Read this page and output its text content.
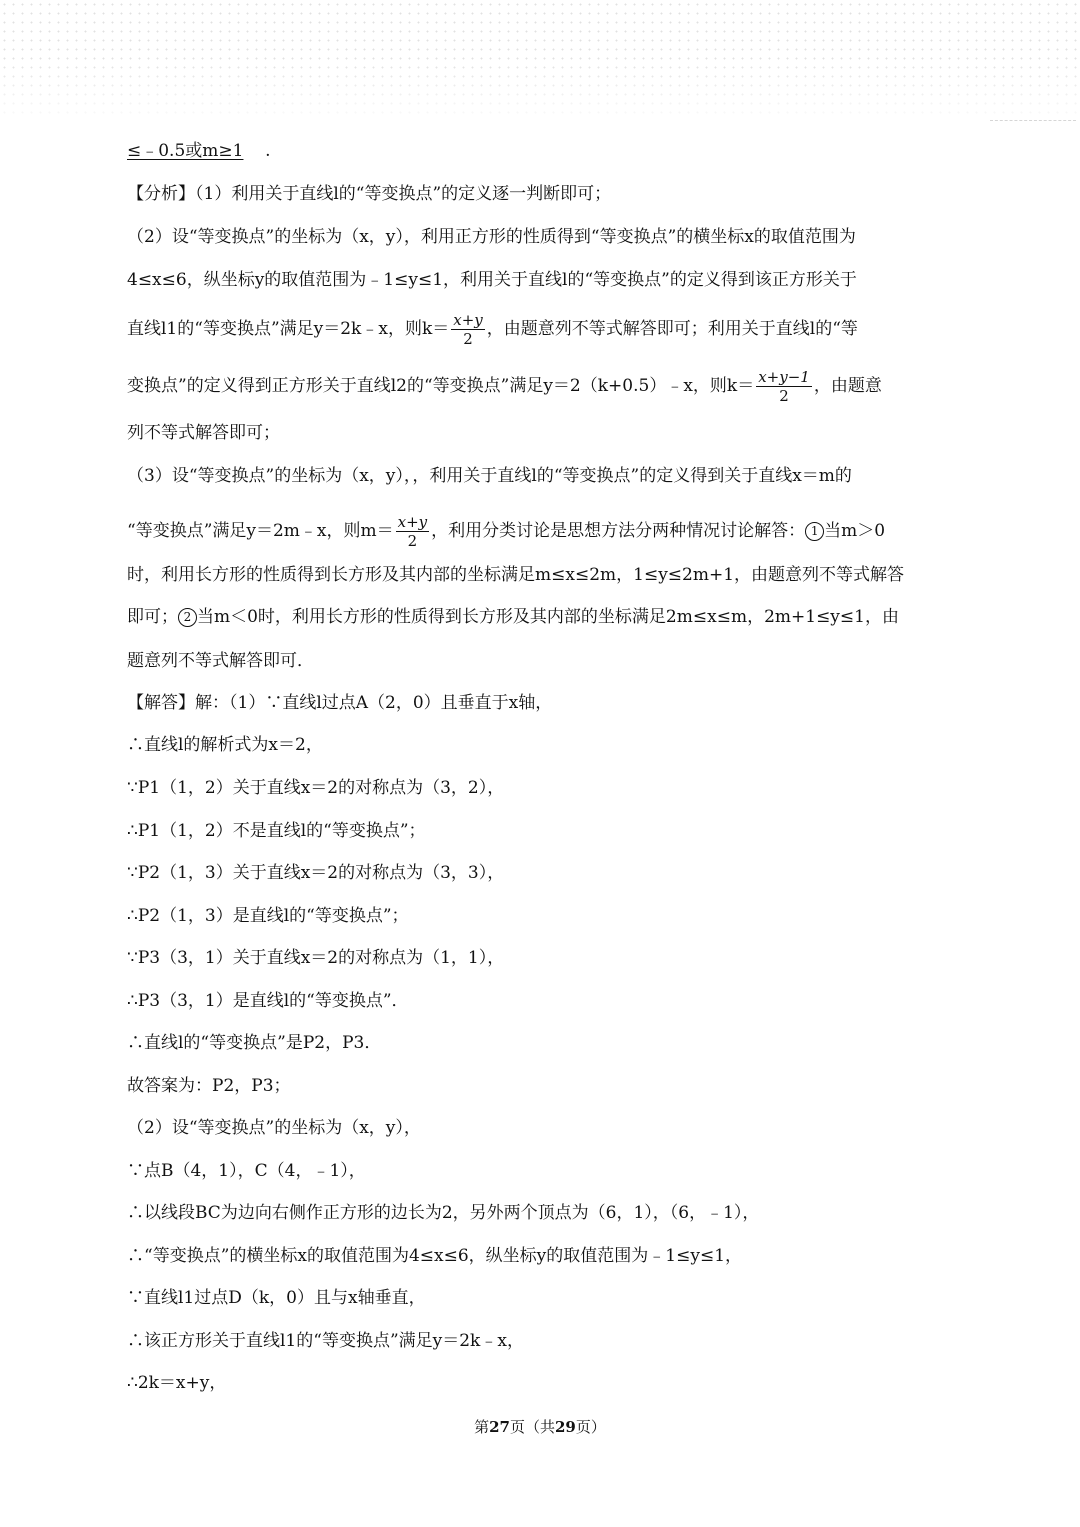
≤﹣0.5或m≥1 .
【分析】（1）利用关于直线l的“等变换点”的定义逐一判断即可；
（2）设“等变换点”的坐标为（x，y），利用正方形的性质得到“等变换点”的横坐标x的取值范围为
4≤x≤6，纵坐标y的取值范围为﹣1≤y≤1，利用关于直线l的“等变换点”的定义得到该正方形关于
直线l1的“等变换点”满足y＝2k﹣x，则$k= \frac{x+y}{2}$ ，由题意列不等式解答即可；利用关于直线l的“等
变换点”的定义得到正方形关于直线l2的“等变换点”满足y＝2（k+0.5）﹣x，则$k= \frac{x+y-1}{2}$ ，由题意
列不等式解答即可；
（3）设“等变换点”的坐标为（x，y），，利用关于直线l的“等变换点”的定义得到关于直线x＝m的
“等变换点”满足y＝2m﹣x，则$m= \frac{x+y}{2}$ ，利用分类讨论是思想方法分两种情况讨论解答： 1 当m＞0
时，利用长方形的性质得到长方形及其内部的坐标满足m≤x≤2m，1≤y≤2m+1，由题意列不等式解答
即可； 2 当m＜0时，利用长方形的性质得到长方形及其内部的坐标满足2m≤x≤m，2m+1≤y≤1，由
题意列不等式解答即可．
【解答】解：（1）∵直线l过点A（2，0）且垂直于x轴，
∴直线l的解析式为x＝2，
∵P1（1，2）关于直线x＝2的对称点为（3，2），
∴P1（1，2）不是直线l的“等变换点”；
∵P2（1，3）关于直线x＝2的对称点为（3，3），
∴P2（1，3）是直线l的“等变换点”；
∵P3（3，1）关于直线x＝2的对称点为（1，1），
∴P3（3，1）是直线l的“等变换点”．
∴直线l的“等变换点”是P2，P3．
故答案为：P2，P3；
（2）设“等变换点”的坐标为（x，y），
∵点B（4，1），C（4，﹣1），
∴以线段BC为边向右侧作正方形的边长为2，另外两个顶点为（6，1），（6，﹣1），
∴“等变换点”的横坐标x的取值范围为4≤x≤6，纵坐标y的取值范围为﹣1≤y≤1，
∵直线l1过点D（k，0）且与x轴垂直，
∴该正方形关于直线l1的“等变换点”满足y＝2k﹣x，
∴2k＝x+y，
第27页（共29页）
